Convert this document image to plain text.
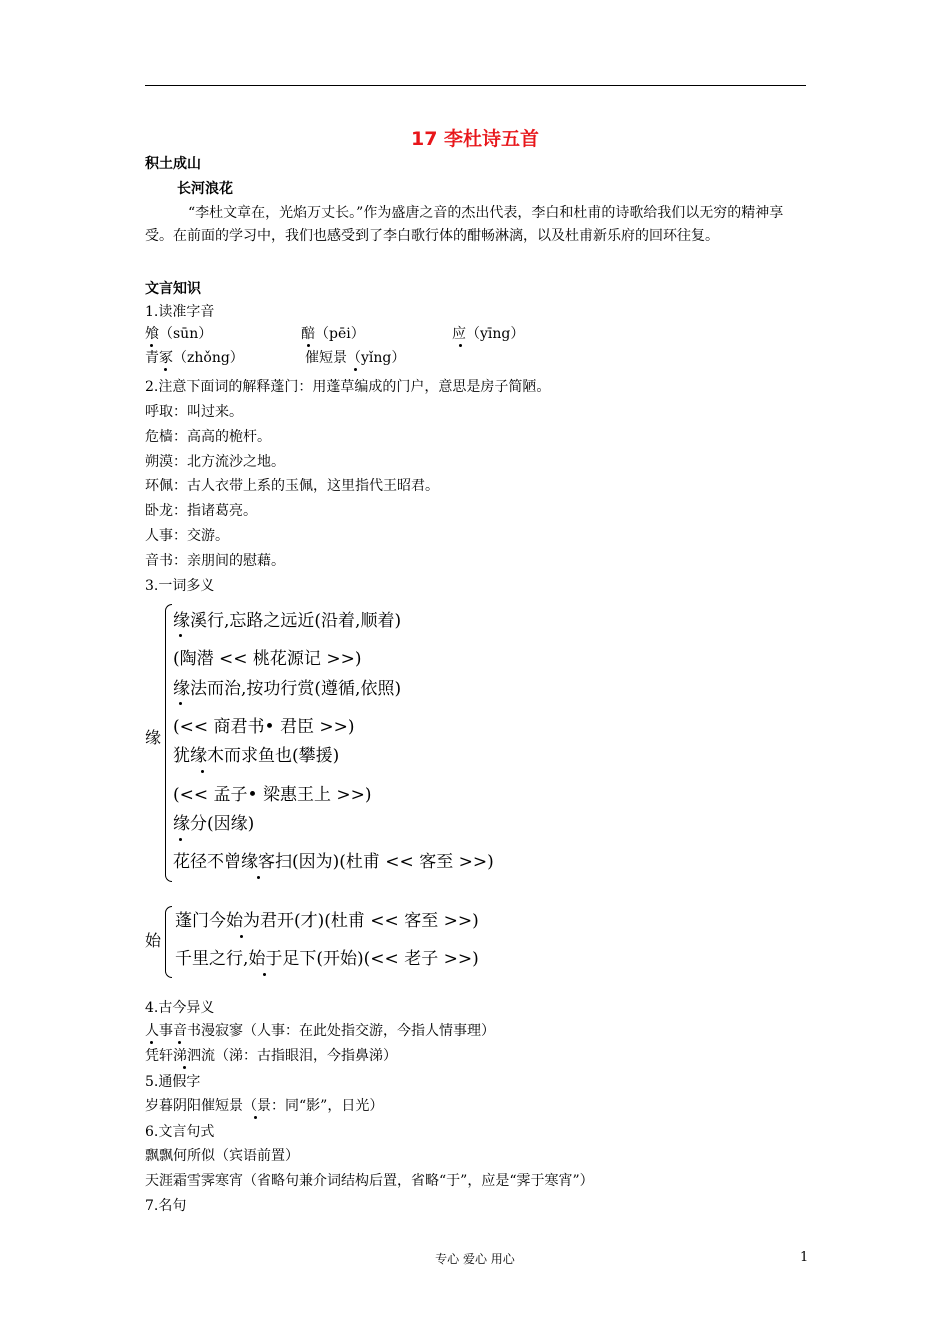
17 李杜诗五首
积土成山
长河浪花
“李杜文章在，光焰万丈长。”作为盛唐之音的杰出代表，李白和杜甫的诗歌给我们以无穷的精神享受。在前面的学习中，我们也感受到了李白歌行体的酣畅淋漓，以及杜甫新乐府的回环往复。
文言知识
1.读准字音
飧（sūn）	醅（pēi）	应（yīng）
青冢（zhǒng）	催短景（yǐng）
2.注意下面词的解释蓬门：用蓬草编成的门户，意思是房子简陋。
呼取：叫过来。
危樯：高高的桅杆。
朔漠：北方流沙之地。
环佩：古人衣带上系的玉佩，这里指代王昭君。
卧龙：指诸葛亮。
人事：交游。
音书：亲朋间的慰藉。
3.一词多义
缘
缘溪行,忘路之远近(沿着,顺着)
(陶潜 << 桃花源记 >>)
缘法而治,按功行赏(遵循,依照)
(<< 商君书• 君臣 >>)
犹缘木而求鱼也(攀援)
(<< 孟子• 梁惠王上 >>)
缘分(因缘)
花径不曾缘客扫(因为)(杜甫 << 客至 >>)
始
蓬门今始为君开(才)(杜甫 << 客至 >>)
千里之行,始于足下(开始)(<< 老子 >>)
4.古今异义
人事音书漫寂寥（人事：在此处指交游，今指人情事理）
凭轩涕泗流（涕：古指眼泪，今指鼻涕）
5.通假字
岁暮阴阳催短景（景：同“影”，日光）
6.文言句式
飘飘何所似（宾语前置）
天涯霜雪霁寒宵（省略句兼介词结构后置，省略“于”，应是“霁于寒宵”）
7.名句
专心 爱心 用心	1
